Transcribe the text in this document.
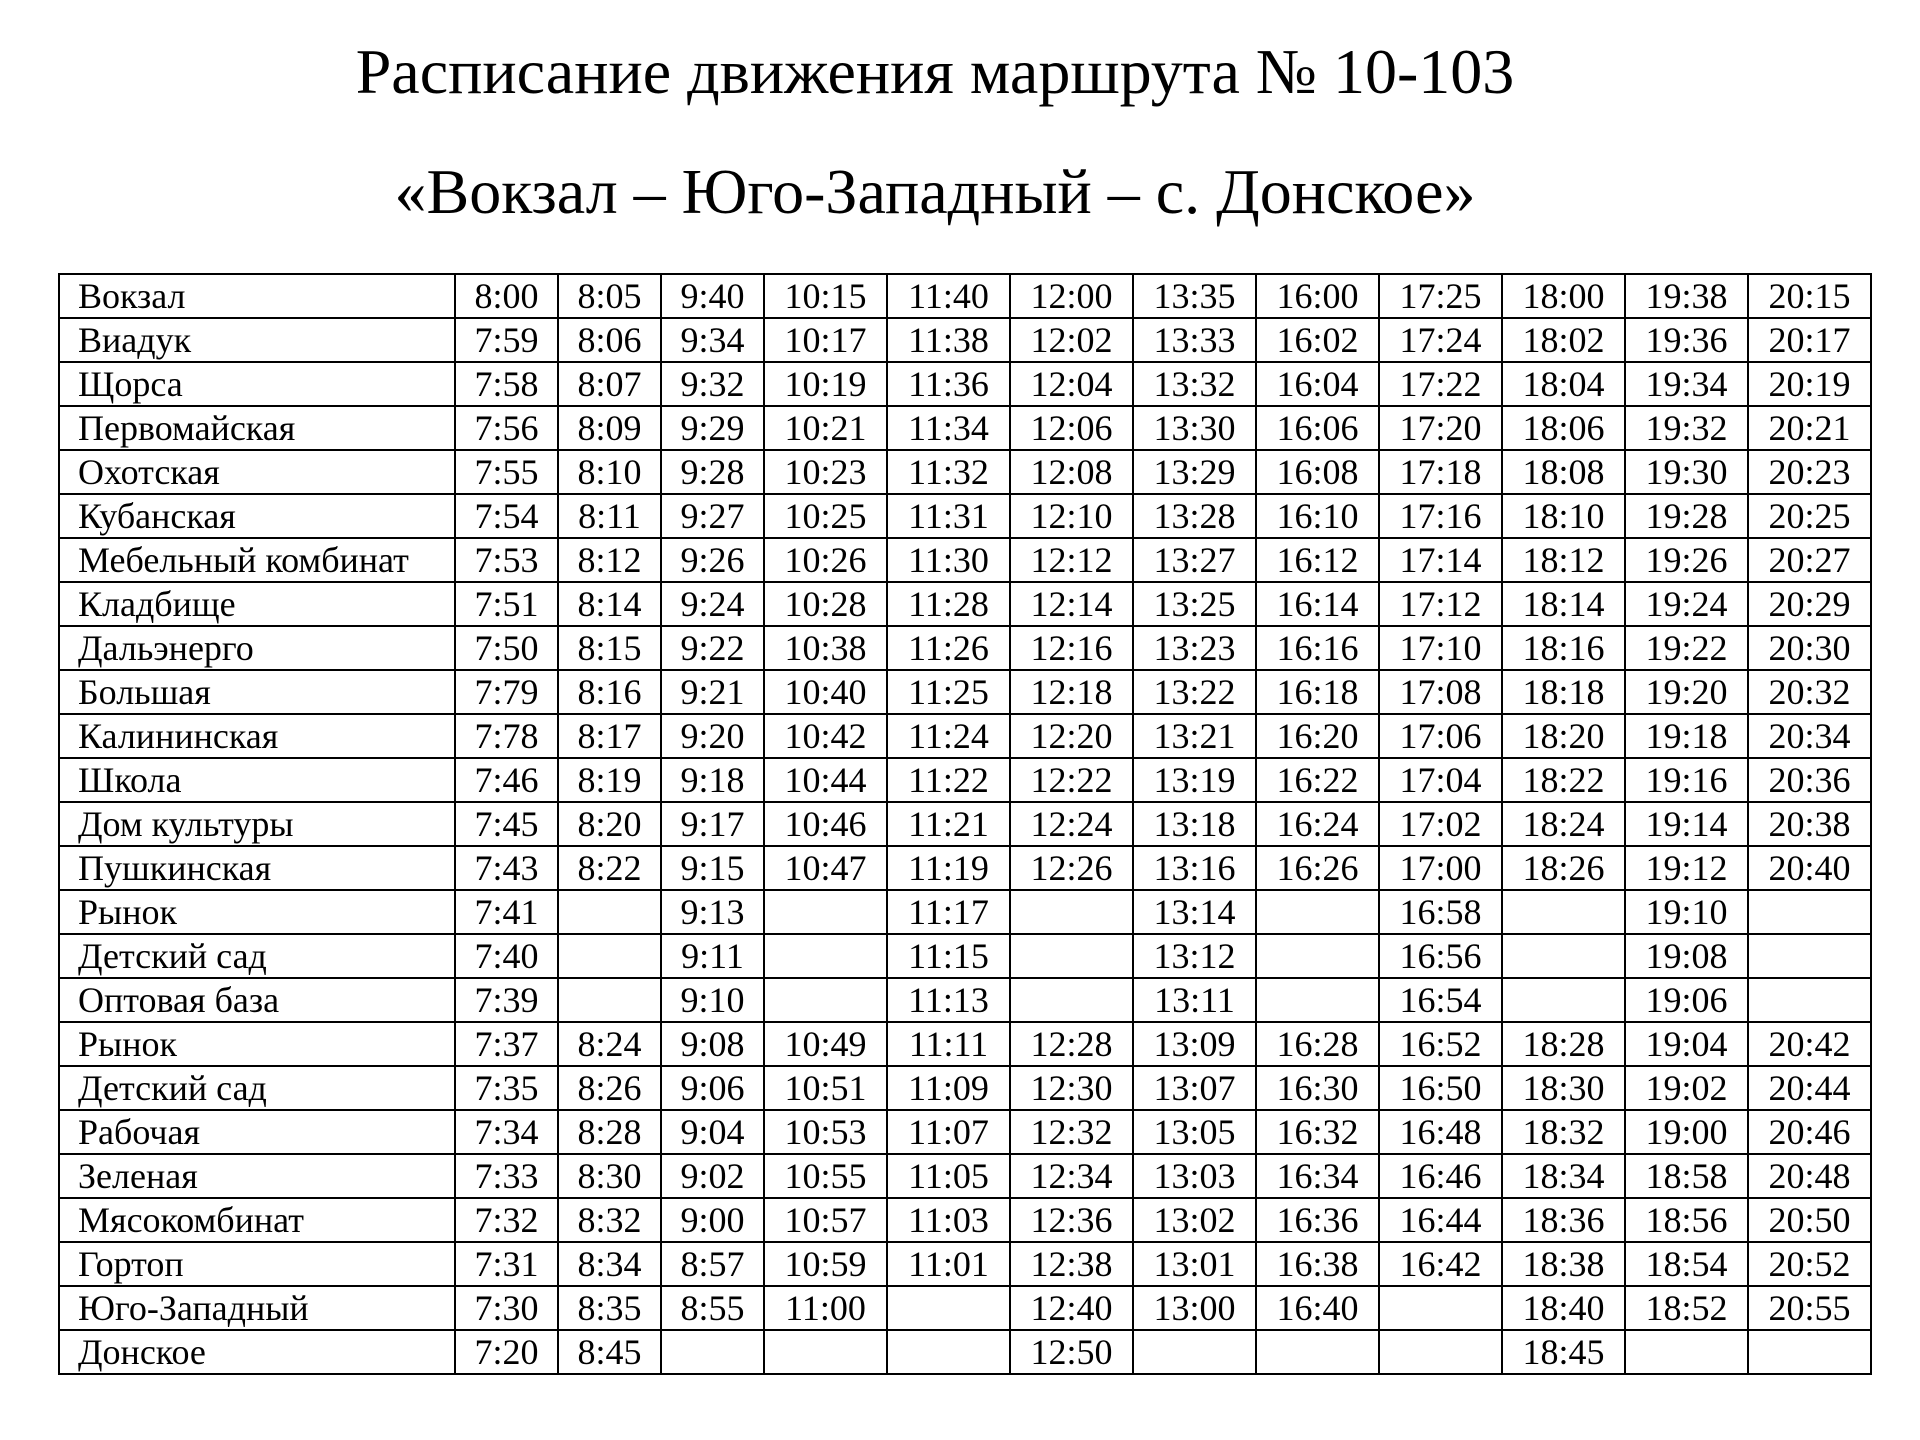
Расписание движения маршрута № 10-103
«Вокзал – Юго-Западный – с. Донское»
Вокзал	8:00	8:05	9:40	10:15	11:40	12:00	13:35	16:00	17:25	18:00	19:38	20:15
Виадук	7:59	8:06	9:34	10:17	11:38	12:02	13:33	16:02	17:24	18:02	19:36	20:17
Щорса	7:58	8:07	9:32	10:19	11:36	12:04	13:32	16:04	17:22	18:04	19:34	20:19
Первомайская	7:56	8:09	9:29	10:21	11:34	12:06	13:30	16:06	17:20	18:06	19:32	20:21
Охотская	7:55	8:10	9:28	10:23	11:32	12:08	13:29	16:08	17:18	18:08	19:30	20:23
Кубанская	7:54	8:11	9:27	10:25	11:31	12:10	13:28	16:10	17:16	18:10	19:28	20:25
Мебельный комбинат	7:53	8:12	9:26	10:26	11:30	12:12	13:27	16:12	17:14	18:12	19:26	20:27
Кладбище	7:51	8:14	9:24	10:28	11:28	12:14	13:25	16:14	17:12	18:14	19:24	20:29
Дальэнерго	7:50	8:15	9:22	10:38	11:26	12:16	13:23	16:16	17:10	18:16	19:22	20:30
Большая	7:79	8:16	9:21	10:40	11:25	12:18	13:22	16:18	17:08	18:18	19:20	20:32
Калининская	7:78	8:17	9:20	10:42	11:24	12:20	13:21	16:20	17:06	18:20	19:18	20:34
Школа	7:46	8:19	9:18	10:44	11:22	12:22	13:19	16:22	17:04	18:22	19:16	20:36
Дом культуры	7:45	8:20	9:17	10:46	11:21	12:24	13:18	16:24	17:02	18:24	19:14	20:38
Пушкинская	7:43	8:22	9:15	10:47	11:19	12:26	13:16	16:26	17:00	18:26	19:12	20:40
Рынок	7:41		9:13		11:17		13:14		16:58		19:10	
Детский сад	7:40		9:11		11:15		13:12		16:56		19:08	
Оптовая база	7:39		9:10		11:13		13:11		16:54		19:06	
Рынок	7:37	8:24	9:08	10:49	11:11	12:28	13:09	16:28	16:52	18:28	19:04	20:42
Детский сад	7:35	8:26	9:06	10:51	11:09	12:30	13:07	16:30	16:50	18:30	19:02	20:44
Рабочая	7:34	8:28	9:04	10:53	11:07	12:32	13:05	16:32	16:48	18:32	19:00	20:46
Зеленая	7:33	8:30	9:02	10:55	11:05	12:34	13:03	16:34	16:46	18:34	18:58	20:48
Мясокомбинат	7:32	8:32	9:00	10:57	11:03	12:36	13:02	16:36	16:44	18:36	18:56	20:50
Гортоп	7:31	8:34	8:57	10:59	11:01	12:38	13:01	16:38	16:42	18:38	18:54	20:52
Юго-Западный	7:30	8:35	8:55	11:00		12:40	13:00	16:40		18:40	18:52	20:55
Донское	7:20	8:45				12:50				18:45		
